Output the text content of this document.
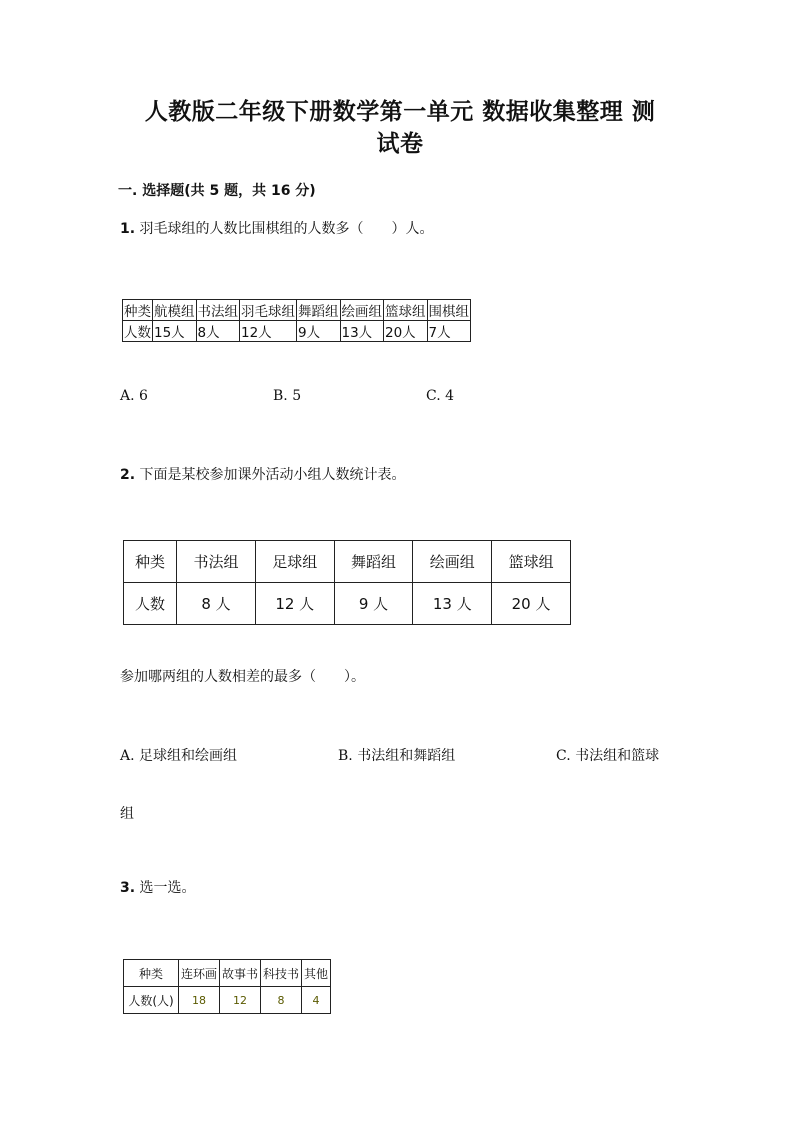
人教版二年级下册数学第一单元 数据收集整理 测
试卷
一. 选择题(共 5 题，共 16 分)
1. 羽毛球组的人数比围棋组的人数多（　　）人。
种类	航模组	书法组	羽毛球组	舞蹈组	绘画组	篮球组	围棋组
人数	15人	8人	12人	9人	13人	20人	7人
A. 6	B. 5	C. 4
2. 下面是某校参加课外活动小组人数统计表。
种类	书法组	足球组	舞蹈组	绘画组	篮球组
人数	8 人	12 人	9 人	13 人	20 人
参加哪两组的人数相差的最多（　　）。
A. 足球组和绘画组	B. 书法组和舞蹈组	C. 书法组和篮球
组
3. 选一选。
种类	连环画	故事书	科技书	其他
人数(人)	18	12	8	4
